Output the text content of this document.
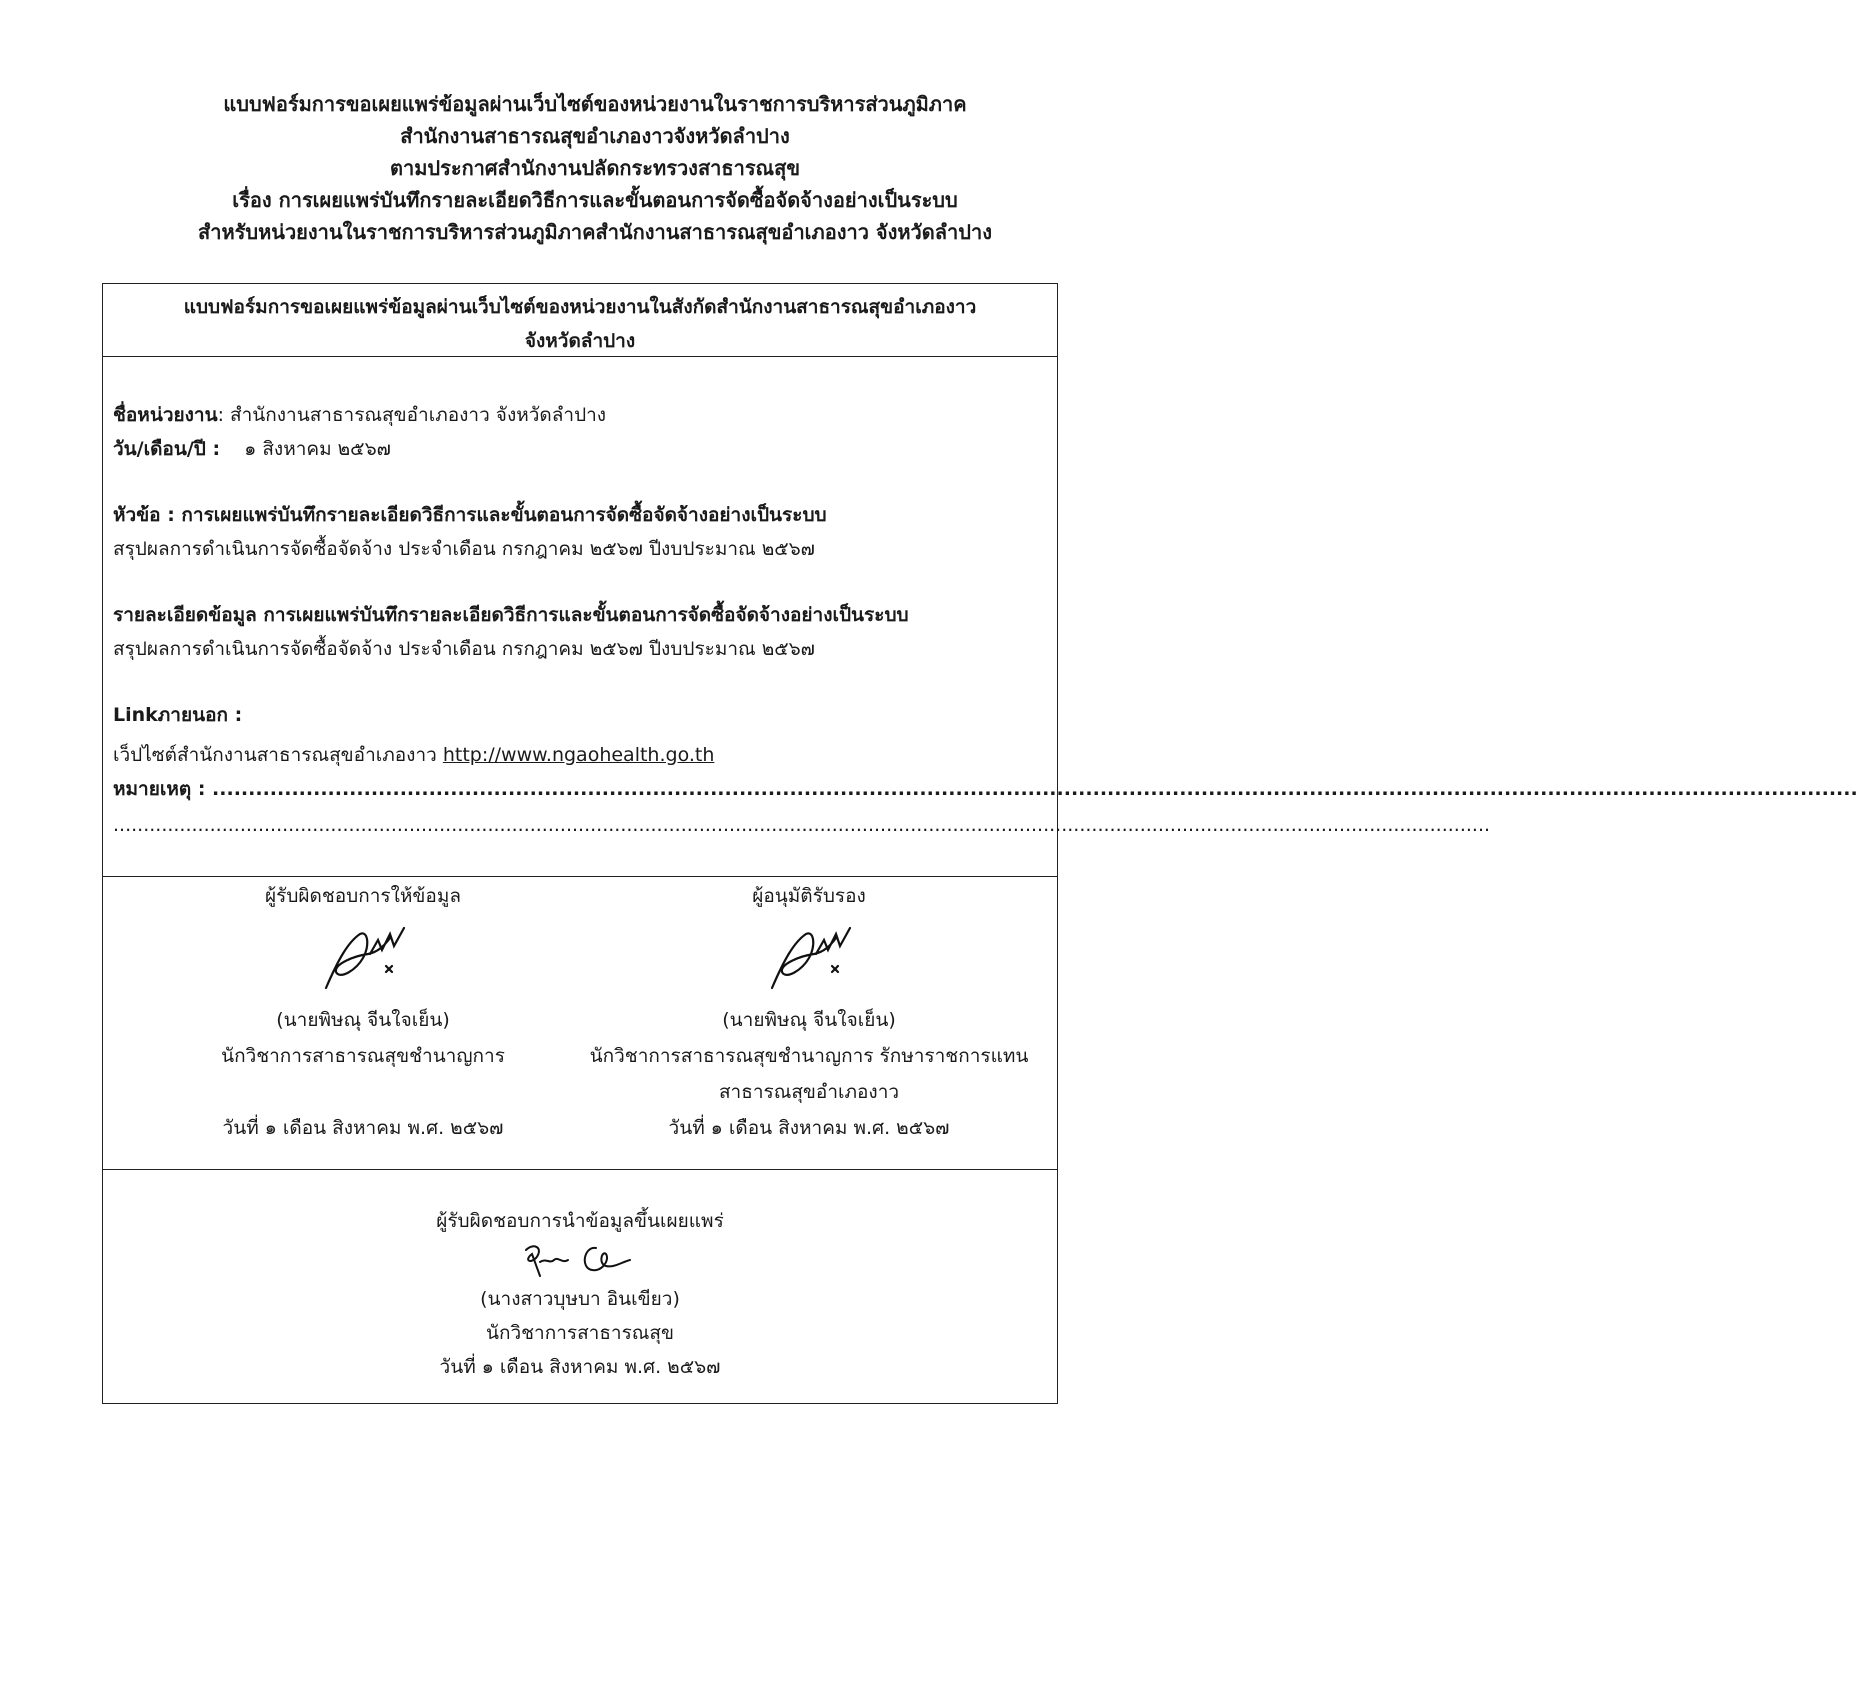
แบบฟอร์มการขอเผยแพร่ข้อมูลผ่านเว็บไซต์ของหน่วยงานในราชการบริหารส่วนภูมิภาค
สำนักงานสาธารณสุขอำเภองาวจังหวัดลำปาง
ตามประกาศสำนักงานปลัดกระทรวงสาธารณสุข
เรื่อง การเผยแพร่บันทึกรายละเอียดวิธีการและขั้นตอนการจัดซื้อจัดจ้างอย่างเป็นระบบ
สำหรับหน่วยงานในราชการบริหารส่วนภูมิภาคสำนักงานสาธารณสุขอำเภองาว จังหวัดลำปาง
แบบฟอร์มการขอเผยแพร่ข้อมูลผ่านเว็บไซต์ของหน่วยงานในสังกัดสำนักงานสาธารณสุขอำเภองาว
จังหวัดลำปาง
ชื่อหน่วยงาน: สำนักงานสาธารณสุขอำเภองาว จังหวัดลำปาง
วัน/เดือน/ปี : ๑ สิงหาคม ๒๕๖๗
หัวข้อ : การเผยแพร่บันทึกรายละเอียดวิธีการและขั้นตอนการจัดซื้อจัดจ้างอย่างเป็นระบบ
สรุปผลการดำเนินการจัดซื้อจัดจ้าง ประจำเดือน กรกฎาคม ๒๕๖๗ ปีงบประมาณ ๒๕๖๗
รายละเอียดข้อมูล การเผยแพร่บันทึกรายละเอียดวิธีการและขั้นตอนการจัดซื้อจัดจ้างอย่างเป็นระบบ
สรุปผลการดำเนินการจัดซื้อจัดจ้าง ประจำเดือน กรกฎาคม ๒๕๖๗ ปีงบประมาณ ๒๕๖๗
Linkภายนอก :
เว็ปไซต์สำนักงานสาธารณสุขอำเภองาว http://www.ngaohealth.go.th
หมายเหตุ : ....................................................................................................................................................................................................................................
....................................................................................................................................................................................................................................
ผู้รับผิดชอบการให้ข้อมูล
(นายพิษณุ จีนใจเย็น)
นักวิชาการสาธารณสุขชำนาญการ
วันที่ ๑ เดือน สิงหาคม พ.ศ. ๒๕๖๗
ผู้อนุมัติรับรอง
(นายพิษณุ จีนใจเย็น)
นักวิชาการสาธารณสุขชำนาญการ รักษาราชการแทน
สาธารณสุขอำเภองาว
วันที่ ๑ เดือน สิงหาคม พ.ศ. ๒๕๖๗
ผู้รับผิดชอบการนำข้อมูลขึ้นเผยแพร่
(นางสาวบุษบา อินเขียว)
นักวิชาการสาธารณสุข
วันที่ ๑ เดือน สิงหาคม พ.ศ. ๒๕๖๗
